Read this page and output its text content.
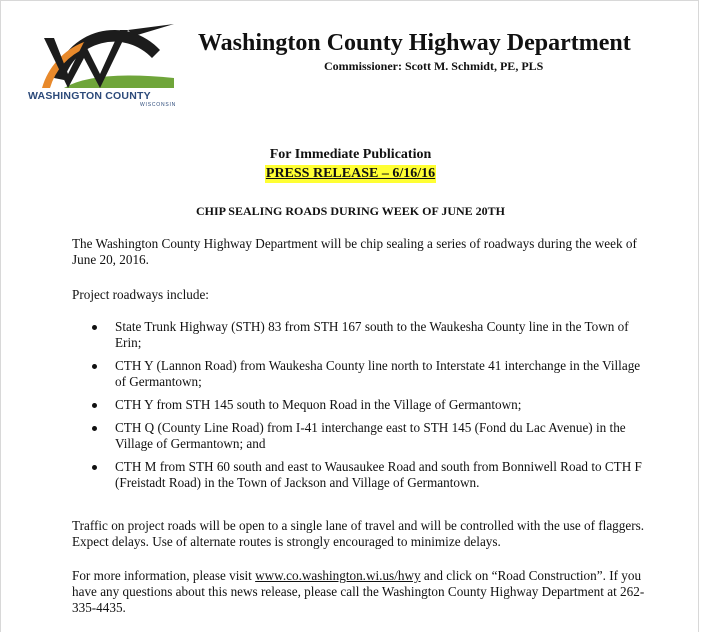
WASHINGTON COUNTY
WISCONSIN
Washington County Highway Department
Commissioner: Scott M. Schmidt, PE, PLS
For Immediate Publication
PRESS RELEASE – 6/16/16
CHIP SEALING ROADS DURING WEEK OF JUNE 20TH

The Washington County Highway Department will be chip sealing a series of roadways during the week of June 20, 2016.

Project roadways include:

State Trunk Highway (STH) 83 from STH 167 south to the Waukesha County line in the Town of Erin;
CTH Y (Lannon Road) from Waukesha County line north to Interstate 41 interchange in the Village of Germantown;
CTH Y from STH 145 south to Mequon Road in the Village of Germantown;
CTH Q (County Line Road) from I-41 interchange east to STH 145 (Fond du Lac Avenue) in the Village of Germantown; and
CTH M from STH 60 south and east to Wausaukee Road and south from Bonniwell Road to CTH F (Freistadt Road) in the Town of Jackson and Village of Germantown.

Traffic on project roads will be open to a single lane of travel and will be controlled with the use of flaggers. Expect delays. Use of alternate routes is strongly encouraged to minimize delays.

For more information, please visit www.co.washington.wi.us/hwy and click on “Road Construction”. If you have any questions about this news release, please call the Washington County Highway Department at 262-335-4435.
